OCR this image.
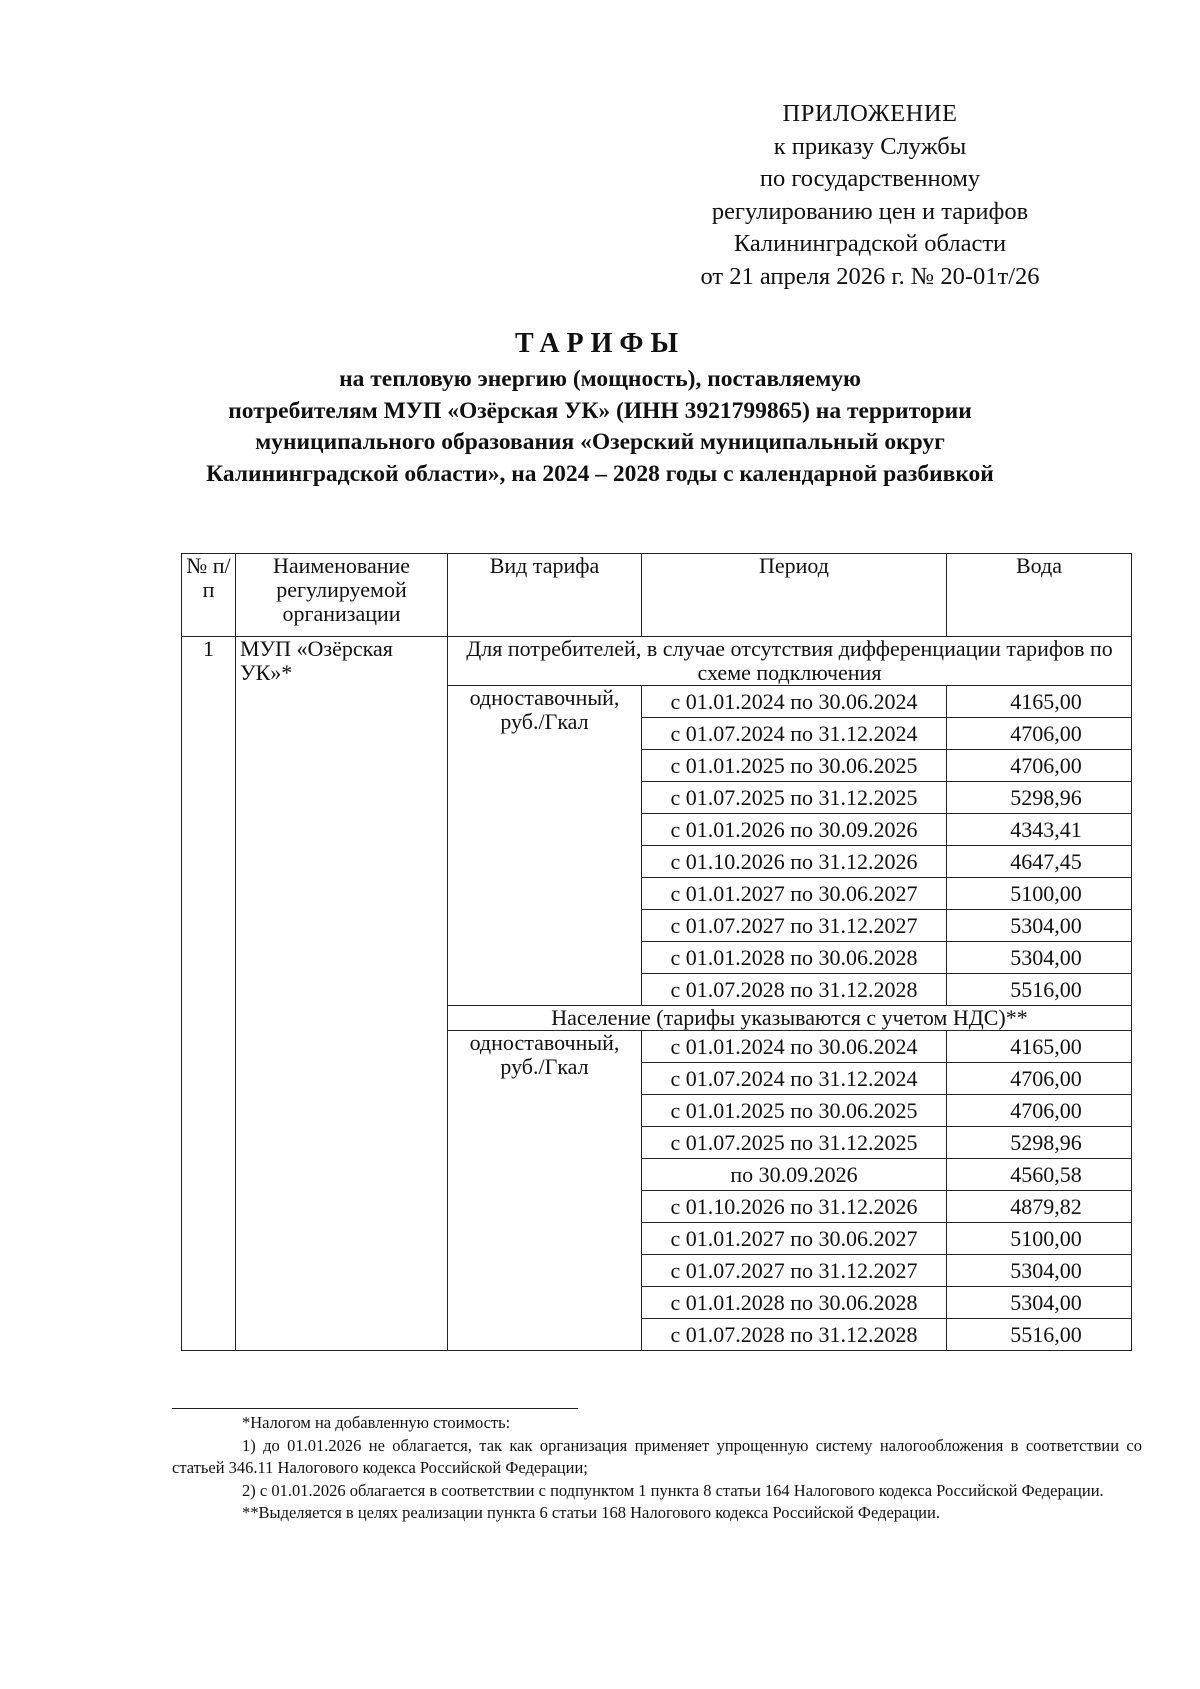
ПРИЛОЖЕНИЕ
к приказу Службы
по государственному
регулированию цен и тарифов
Калининградской области
от 21 апреля 2026 г. № 20-01т/26
ТАРИФЫ
на тепловую энергию (мощность), поставляемую
потребителям МУП «Озёрская УК» (ИНН 3921799865) на территории
муниципального образования «Озерский муниципальный округ
Калининградской области», на 2024 – 2028 годы с календарной разбивкой
№ п/ п	Наименование регулируемой организации	Вид тарифа	Период	Вода
1	МУП «Озёрская УК»*	Для потребителей, в случае отсутствия дифференциации тарифов по схеме подключения		
		одноставочный, руб./Гкал	с 01.01.2024 по 30.06.2024	4165,00
			с 01.07.2024 по 31.12.2024	4706,00
			с 01.01.2025 по 30.06.2025	4706,00
			с 01.07.2025 по 31.12.2025	5298,96
			с 01.01.2026 по 30.09.2026	4343,41
			с 01.10.2026 по 31.12.2026	4647,45
			с 01.01.2027 по 30.06.2027	5100,00
			с 01.07.2027 по 31.12.2027	5304,00
			с 01.01.2028 по 30.06.2028	5304,00
			с 01.07.2028 по 31.12.2028	5516,00
		Население (тарифы указываются с учетом НДС)**		
		одноставочный, руб./Гкал	с 01.01.2024 по 30.06.2024	4165,00
			с 01.07.2024 по 31.12.2024	4706,00
			с 01.01.2025 по 30.06.2025	4706,00
			с 01.07.2025 по 31.12.2025	5298,96
			по 30.09.2026	4560,58
			с 01.10.2026 по 31.12.2026	4879,82
			с 01.01.2027 по 30.06.2027	5100,00
			с 01.07.2027 по 31.12.2027	5304,00
			с 01.01.2028 по 30.06.2028	5304,00
			с 01.07.2028 по 31.12.2028	5516,00

*Налогом на добавленную стоимость:

1) до 01.01.2026 не облагается, так как организация применяет упрощенную систему налогообложения в соответствии со статьей 346.11 Налогового кодекса Российской Федерации;

2) с 01.01.2026 облагается в соответствии с подпунктом 1 пункта 8 статьи 164 Налогового кодекса Российской Федерации.

**Выделяется в целях реализации пункта 6 статьи 168 Налогового кодекса Российской Федерации.
